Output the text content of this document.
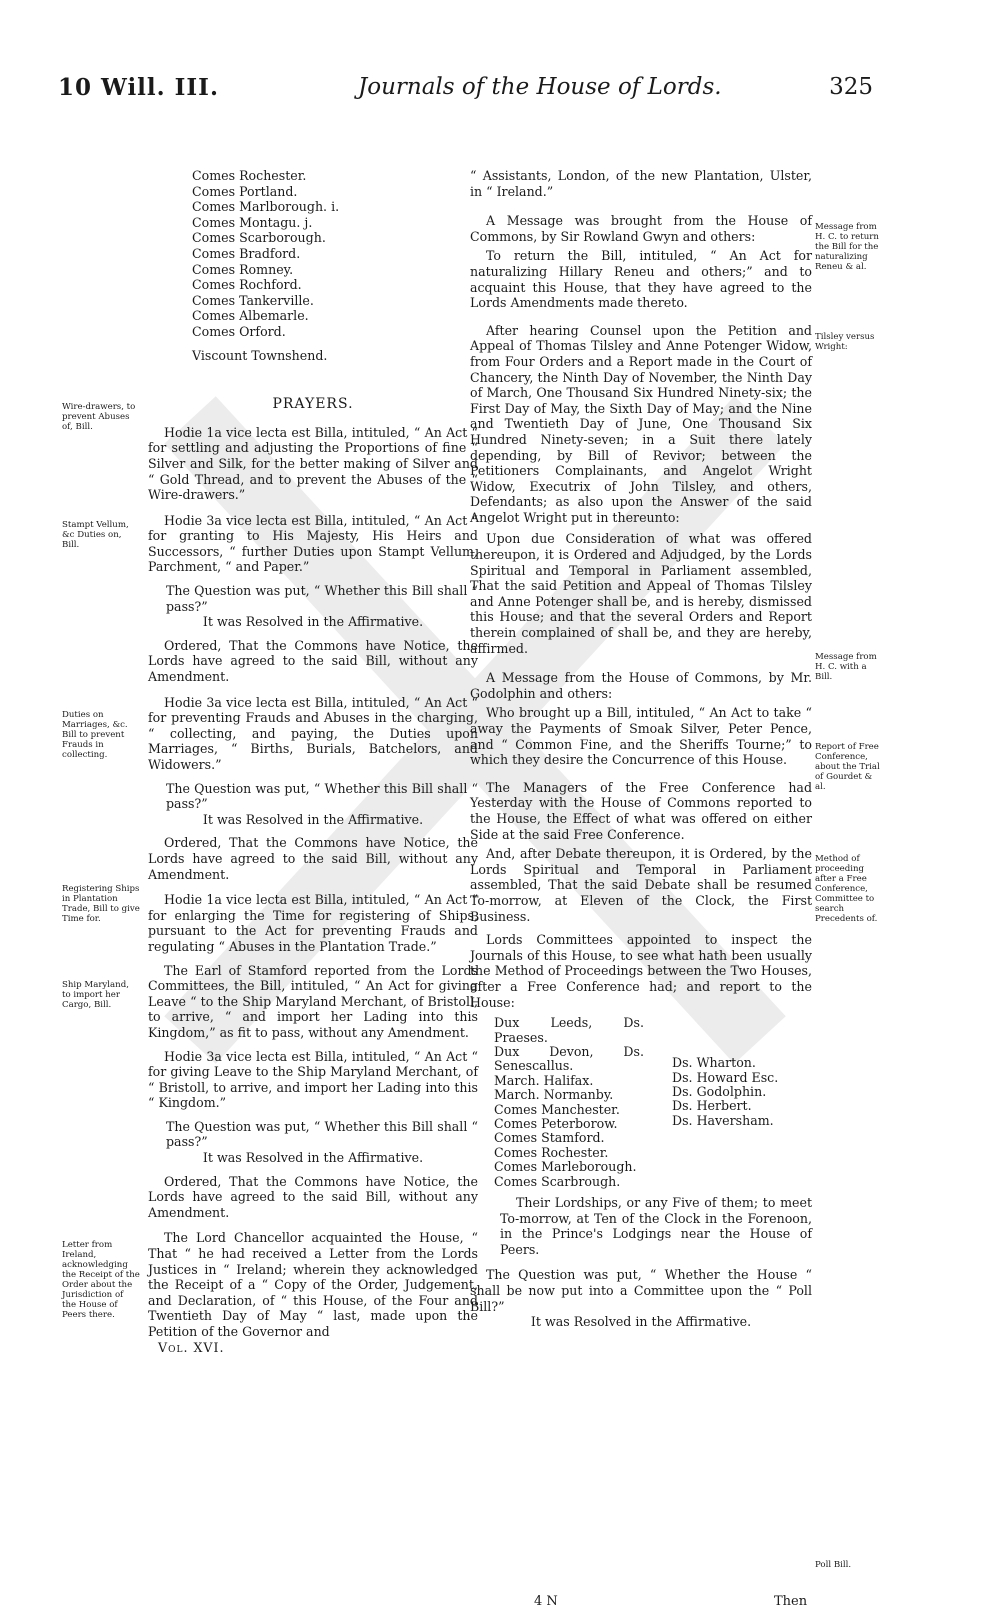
10 Will. III.	Journals of the House of Lords.	325
Wire-drawers, to prevent Abuses of, Bill.
Stampt Vellum, &c Duties on, Bill.
Duties on Marriages, &c. Bill to prevent Frauds in collecting.
Registering Ships in Plantation Trade, Bill to give Time for.
Ship Maryland, to import her Cargo, Bill.
Letter from Ireland, acknowledging the Receipt of the Order about the Jurisdiction of the House of Peers there.
Comes Rochester.
Comes Portland.
Comes Marlborough. i.
Comes Montagu. j.
Comes Scarborough.
Comes Bradford.
Comes Romney.
Comes Rochford.
Comes Tankerville.
Comes Albemarle.
Comes Orford.
Viscount Townshend.

PRAYERS.

Hodie 1a vice lecta est Billa, intituled, “ An Act “ for settling and adjusting the Proportions of fine “ Silver and Silk, for the better making of Silver and “ Gold Thread, and to prevent the Abuses of the “ Wire-drawers.”

Hodie 3a vice lecta est Billa, intituled, “ An Act “ for granting to His Majesty, His Heirs and Successors, “ further Duties upon Stampt Vellum, Parchment, “ and Paper.”

The Question was put, “ Whether this Bill shall “ pass?”

It was Resolved in the Affirmative.

Ordered, That the Commons have Notice, the Lords have agreed to the said Bill, without any Amendment.

Hodie 3a vice lecta est Billa, intituled, “ An Act “ for preventing Frauds and Abuses in the charging, “ collecting, and paying, the Duties upon Marriages, “ Births, Burials, Batchelors, and Widowers.”

The Question was put, “ Whether this Bill shall “ pass?”

It was Resolved in the Affirmative.

Ordered, That the Commons have Notice, the Lords have agreed to the said Bill, without any Amendment.

Hodie 1a vice lecta est Billa, intituled, “ An Act “ for enlarging the Time for registering of Ships, pursuant to the Act for preventing Frauds and regulating “ Abuses in the Plantation Trade.”

The Earl of Stamford reported from the Lords Committees, the Bill, intituled, “ An Act for giving Leave “ to the Ship Maryland Merchant, of Bristoll, to arrive, “ and import her Lading into this Kingdom,” as fit to pass, without any Amendment.

Hodie 3a vice lecta est Billa, intituled, “ An Act “ for giving Leave to the Ship Maryland Merchant, of “ Bristoll, to arrive, and import her Lading into this “ Kingdom.”

The Question was put, “ Whether this Bill shall “ pass?”

It was Resolved in the Affirmative.

Ordered, That the Commons have Notice, the Lords have agreed to the said Bill, without any Amendment.

The Lord Chancellor acquainted the House, “ That “ he had received a Letter from the Lords Justices in “ Ireland; wherein they acknowledged the Receipt of a “ Copy of the Order, Judgement, and Declaration, of “ this House, of the Four and Twentieth Day of May “ last, made upon the Petition of the Governor and

Vol. XVI.

“ Assistants, London, of the new Plantation, Ulster, in “ Ireland.”

A Message was brought from the House of Commons, by Sir Rowland Gwyn and others:

To return the Bill, intituled, “ An Act for naturalizing Hillary Reneu and others;” and to acquaint this House, that they have agreed to the Lords Amendments made thereto.

After hearing Counsel upon the Petition and Appeal of Thomas Tilsley and Anne Potenger Widow, from Four Orders and a Report made in the Court of Chancery, the Ninth Day of November, the Ninth Day of March, One Thousand Six Hundred Ninety-six; the First Day of May, the Sixth Day of May; and the Nine and Twentieth Day of June, One Thousand Six Hundred Ninety-seven; in a Suit there lately depending, by Bill of Revivor; between the Petitioners Complainants, and Angelot Wright Widow, Executrix of John Tilsley, and others, Defendants; as also upon the Answer of the said Angelot Wright put in thereunto:

Upon due Consideration of what was offered thereupon, it is Ordered and Adjudged, by the Lords Spiritual and Temporal in Parliament assembled, That the said Petition and Appeal of Thomas Tilsley and Anne Potenger shall be, and is hereby, dismissed this House; and that the several Orders and Report therein complained of shall be, and they are hereby, affirmed.

A Message from the House of Commons, by Mr. Godolphin and others:

Who brought up a Bill, intituled, “ An Act to take “ away the Payments of Smoak Silver, Peter Pence, and “ Common Fine, and the Sheriffs Tourne;” to which they desire the Concurrence of this House.

The Managers of the Free Conference had Yesterday with the House of Commons reported to the House, the Effect of what was offered on either Side at the said Free Conference.

And, after Debate thereupon, it is Ordered, by the Lords Spiritual and Temporal in Parliament assembled, That the said Debate shall be resumed To-morrow, at Eleven of the Clock, the First Business.

Lords Committees appointed to inspect the Journals of this House, to see what hath been usually the Method of Proceedings between the Two Houses, after a Free Conference had; and report to the House:

Dux Leeds, Ds. Praeses.
Dux Devon, Ds. Senescallus.
March. Halifax.
March. Normanby.
Comes Manchester.
Comes Peterborow.
Comes Stamford.
Comes Rochester.
Comes Marleborough.
Comes Scarbrough.
Ds. Wharton.
Ds. Howard Esc.
Ds. Godolphin.
Ds. Herbert.
Ds. Haversham.

Their Lordships, or any Five of them; to meet To-morrow, at Ten of the Clock in the Forenoon, in the Prince's Lodgings near the House of Peers.

The Question was put, “ Whether the House “ shall be now put into a Committee upon the “ Poll Bill?”

It was Resolved in the Affirmative.

4 N	Then
Message from H. C. to return the Bill for the naturalizing Reneu & al.
Tilsley versus Wright:
Message from H. C. with a Bill.
Report of Free Conference, about the Trial of Gourdet & al.
Method of proceeding after a Free Conference, Committee to search Precedents of.
Poll Bill.
